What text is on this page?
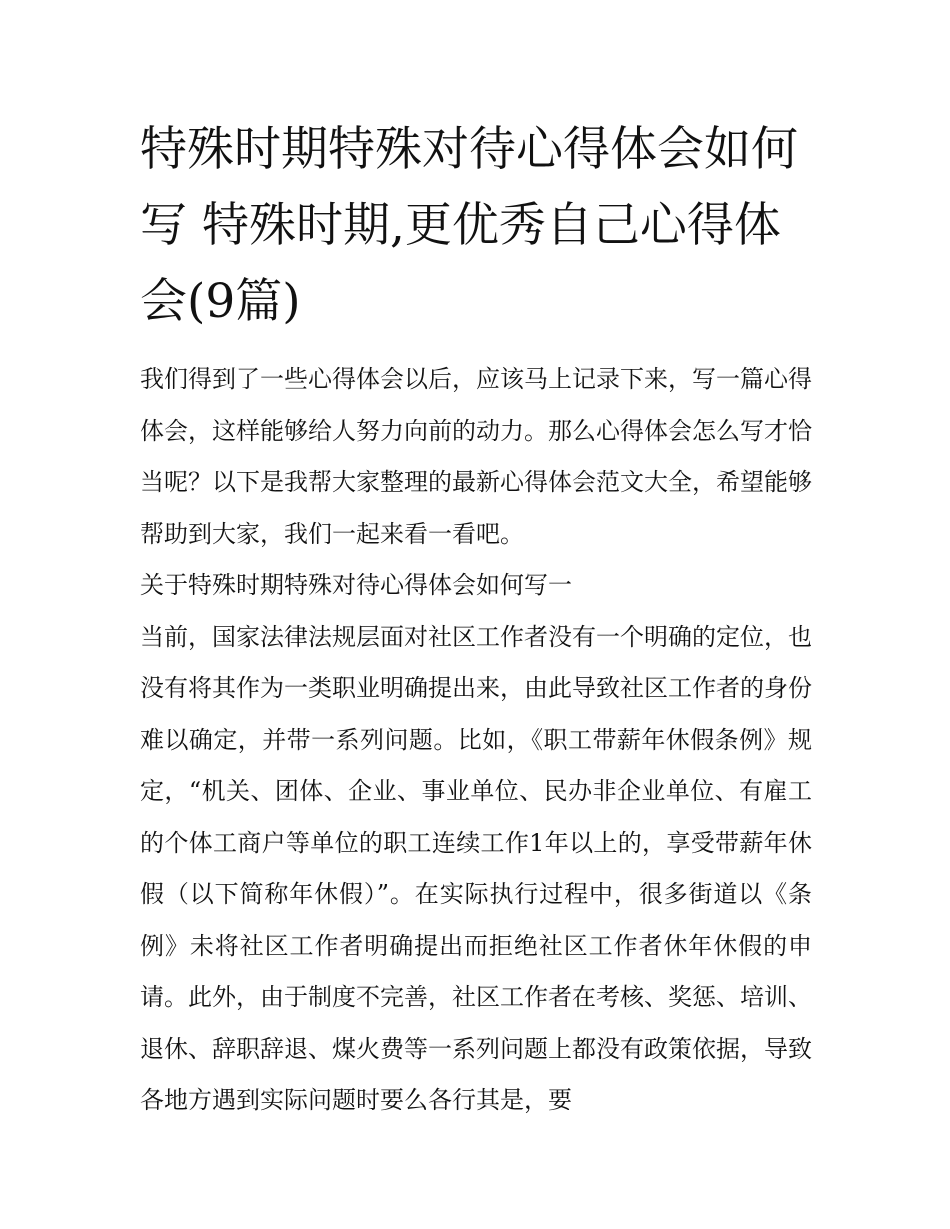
特殊时期特殊对待心得体会如何写 特殊时期,更优秀自己心得体会(9篇)

我们得到了一些心得体会以后，应该马上记录下来，写一篇心得体会，这样能够给人努力向前的动力。那么心得体会怎么写才恰当呢？以下是我帮大家整理的最新心得体会范文大全，希望能够帮助到大家，我们一起来看一看吧。

关于特殊时期特殊对待心得体会如何写一

当前，国家法律法规层面对社区工作者没有一个明确的定位，也没有将其作为一类职业明确提出来，由此导致社区工作者的身份难以确定，并带一系列问题。比如，《职工带薪年休假条例》规定，“机关、团体、企业、事业单位、民办非企业单位、有雇工的个体工商户等单位的职工连续工作1年以上的，享受带薪年休假（以下简称年休假）”。在实际执行过程中，很多街道以《条例》未将社区工作者明确提出而拒绝社区工作者休年休假的申请。此外，由于制度不完善，社区工作者在考核、奖惩、培训、退休、辞职辞退、煤火费等一系列问题上都没有政策依据，导致各地方遇到实际问题时要么各行其是，要
